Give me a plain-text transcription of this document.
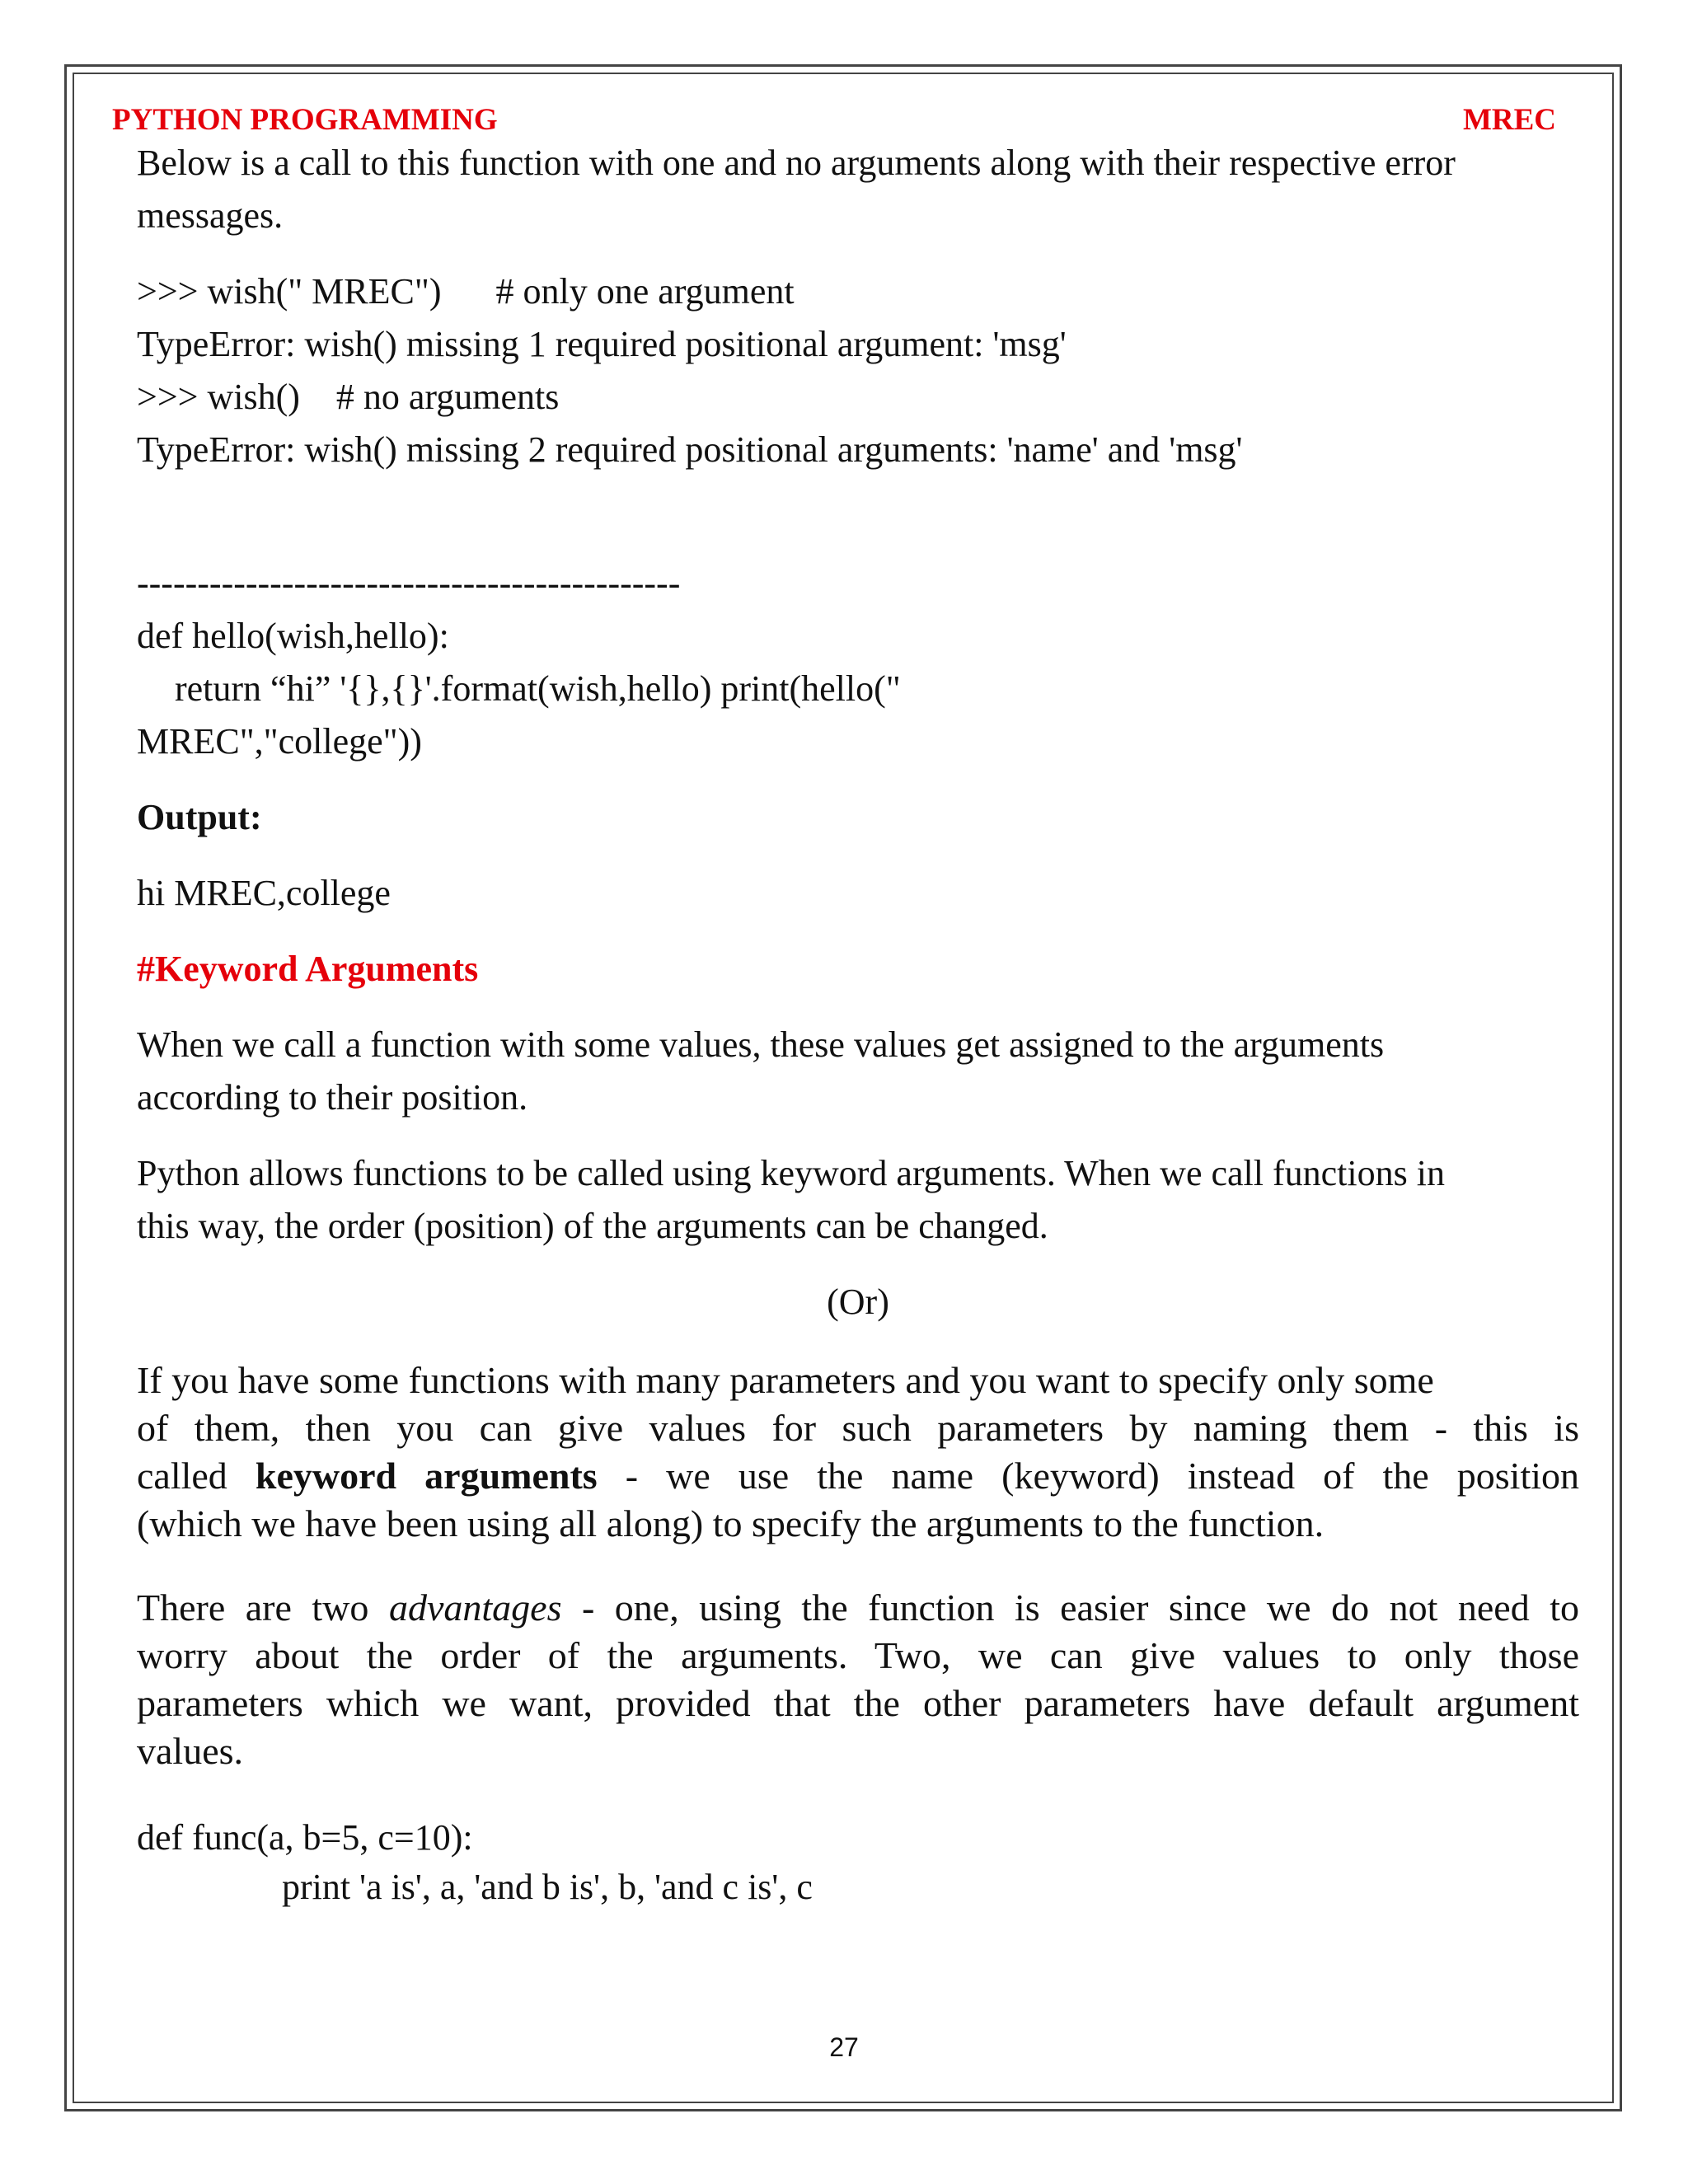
PYTHON PROGRAMMING	MREC

Below is a call to this function with one and no arguments along with their respective error

messages.

>>> wish(" MREC")      # only one argument

TypeError: wish() missing 1 required positional argument: 'msg'

>>> wish()    # no arguments

TypeError: wish() missing 2 required positional arguments: 'name' and 'msg'

---------------------------------------------

def hello(wish,hello):

return “hi” '{},{}'.format(wish,hello) print(hello("

MREC","college"))

Output:

hi MREC,college

#Keyword Arguments

When we call a function with some values, these values get assigned to the arguments

according to their position.

Python allows functions to be called using keyword arguments. When we call functions in

this way, the order (position) of the arguments can be changed.

(Or)

If you have some functions with many parameters and you want to specify only some

of them, then you can give values for such parameters by naming them - this is

called keyword arguments - we use the name (keyword) instead of the position

(which we have been using all along) to specify the arguments to the function.

There are two advantages - one, using the function is easier since we do not need to

worry about the order of the arguments. Two, we can give values to only those

parameters which we want, provided that the other parameters have default argument

values.

def func(a, b=5, c=10):

print 'a is', a, 'and b is', b, 'and c is', c

27
